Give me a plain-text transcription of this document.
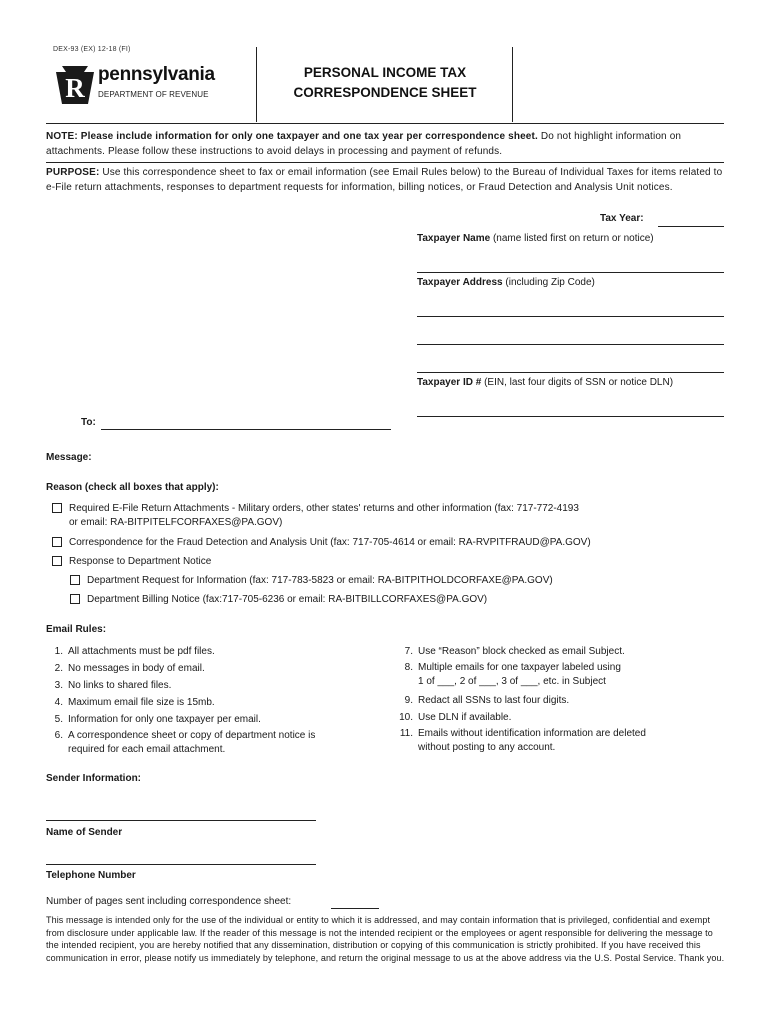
DEX-93 (EX) 12-18 (FI)
R pennsylvania
DEPARTMENT OF REVENUE
PERSONAL INCOME TAX
CORRESPONDENCE SHEET
NOTE: Please include information for only one taxpayer and one tax year per correspondence sheet. Do not highlight information on attachments. Please follow these instructions to avoid delays in processing and payment of refunds.
PURPOSE: Use this correspondence sheet to fax or email information (see Email Rules below) to the Bureau of Individual Taxes for items related to e-File return attachments, responses to department requests for information, billing notices, or Fraud Detection and Analysis Unit notices.
Tax Year:
Taxpayer Name (name listed first on return or notice)
Taxpayer Address (including Zip Code)
Taxpayer ID # (EIN, last four digits of SSN or notice DLN)
To:
Message:
Reason (check all boxes that apply):
Required E-File Return Attachments - Military orders, other states' returns and other information (fax: 717-772-4193
or email: RA-BITPITELFCORFAXES@PA.GOV)
Correspondence for the Fraud Detection and Analysis Unit (fax: 717-705-4614 or email: RA-RVPITFRAUD@PA.GOV)
Response to Department Notice
Department Request for Information (fax: 717-783-5823 or email: RA-BITPITHOLDCORFAXE@PA.GOV)
Department Billing Notice (fax:717-705-6236 or email: RA-BITBILLCORFAXES@PA.GOV)
Email Rules:
1. All attachments must be pdf files.
2. No messages in body of email.
3. No links to shared files.
4. Maximum email file size is 15mb.
5. Information for only one taxpayer per email.
6. A correspondence sheet or copy of department notice is
required for each email attachment.
7. Use “Reason” block checked as email Subject.
8. Multiple emails for one taxpayer labeled using
1 of ___, 2 of ___, 3 of ___, etc. in Subject
9. Redact all SSNs to last four digits.
10. Use DLN if available.
11. Emails without identification information are deleted
without posting to any account.
Sender Information:
Name of Sender
Telephone Number
Number of pages sent including correspondence sheet:
This message is intended only for the use of the individual or entity to which it is addressed, and may contain information that is privileged, confidential and exempt from disclosure under applicable law. If the reader of this message is not the intended recipient or the employees or agent responsible for delivering the message to the intended recipient, you are hereby notified that any dissemination, distribution or copying of this communication is strictly prohibited. If you have received this communication in error, please notify us immediately by telephone, and return the original message to us at the above address via the U.S. Postal Service. Thank you.
